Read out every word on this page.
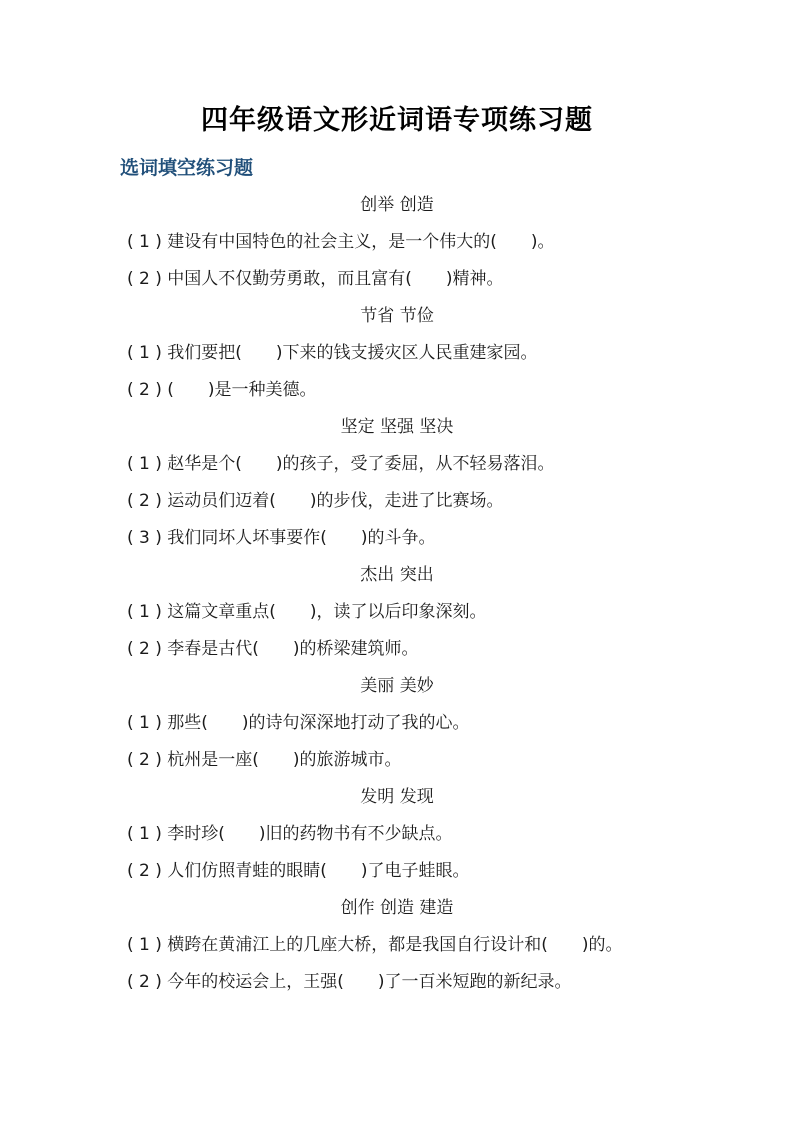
四年级语文形近词语专项练习题
选词填空练习题
创举 创造
( 1 ) 建设有中国特色的社会主义，是一个伟大的(　　)。
( 2 ) 中国人不仅勤劳勇敢，而且富有(　　)精神。
节省 节俭
( 1 ) 我们要把(　　)下来的钱支援灾区人民重建家园。
( 2 ) (　　)是一种美德。
坚定 坚强 坚决
( 1 ) 赵华是个(　　)的孩子，受了委屈，从不轻易落泪。
( 2 ) 运动员们迈着(　　)的步伐，走进了比赛场。
( 3 ) 我们同坏人坏事要作(　　)的斗争。
杰出 突出
( 1 ) 这篇文章重点(　　)，读了以后印象深刻。
( 2 ) 李春是古代(　　)的桥梁建筑师。
美丽 美妙
( 1 ) 那些(　　)的诗句深深地打动了我的心。
( 2 ) 杭州是一座(　　)的旅游城市。
发明 发现
( 1 ) 李时珍(　　)旧的药物书有不少缺点。
( 2 ) 人们仿照青蛙的眼睛(　　)了电子蛙眼。
创作 创造 建造
( 1 ) 横跨在黄浦江上的几座大桥，都是我国自行设计和(　　)的。
( 2 ) 今年的校运会上，王强(　　)了一百米短跑的新纪录。
